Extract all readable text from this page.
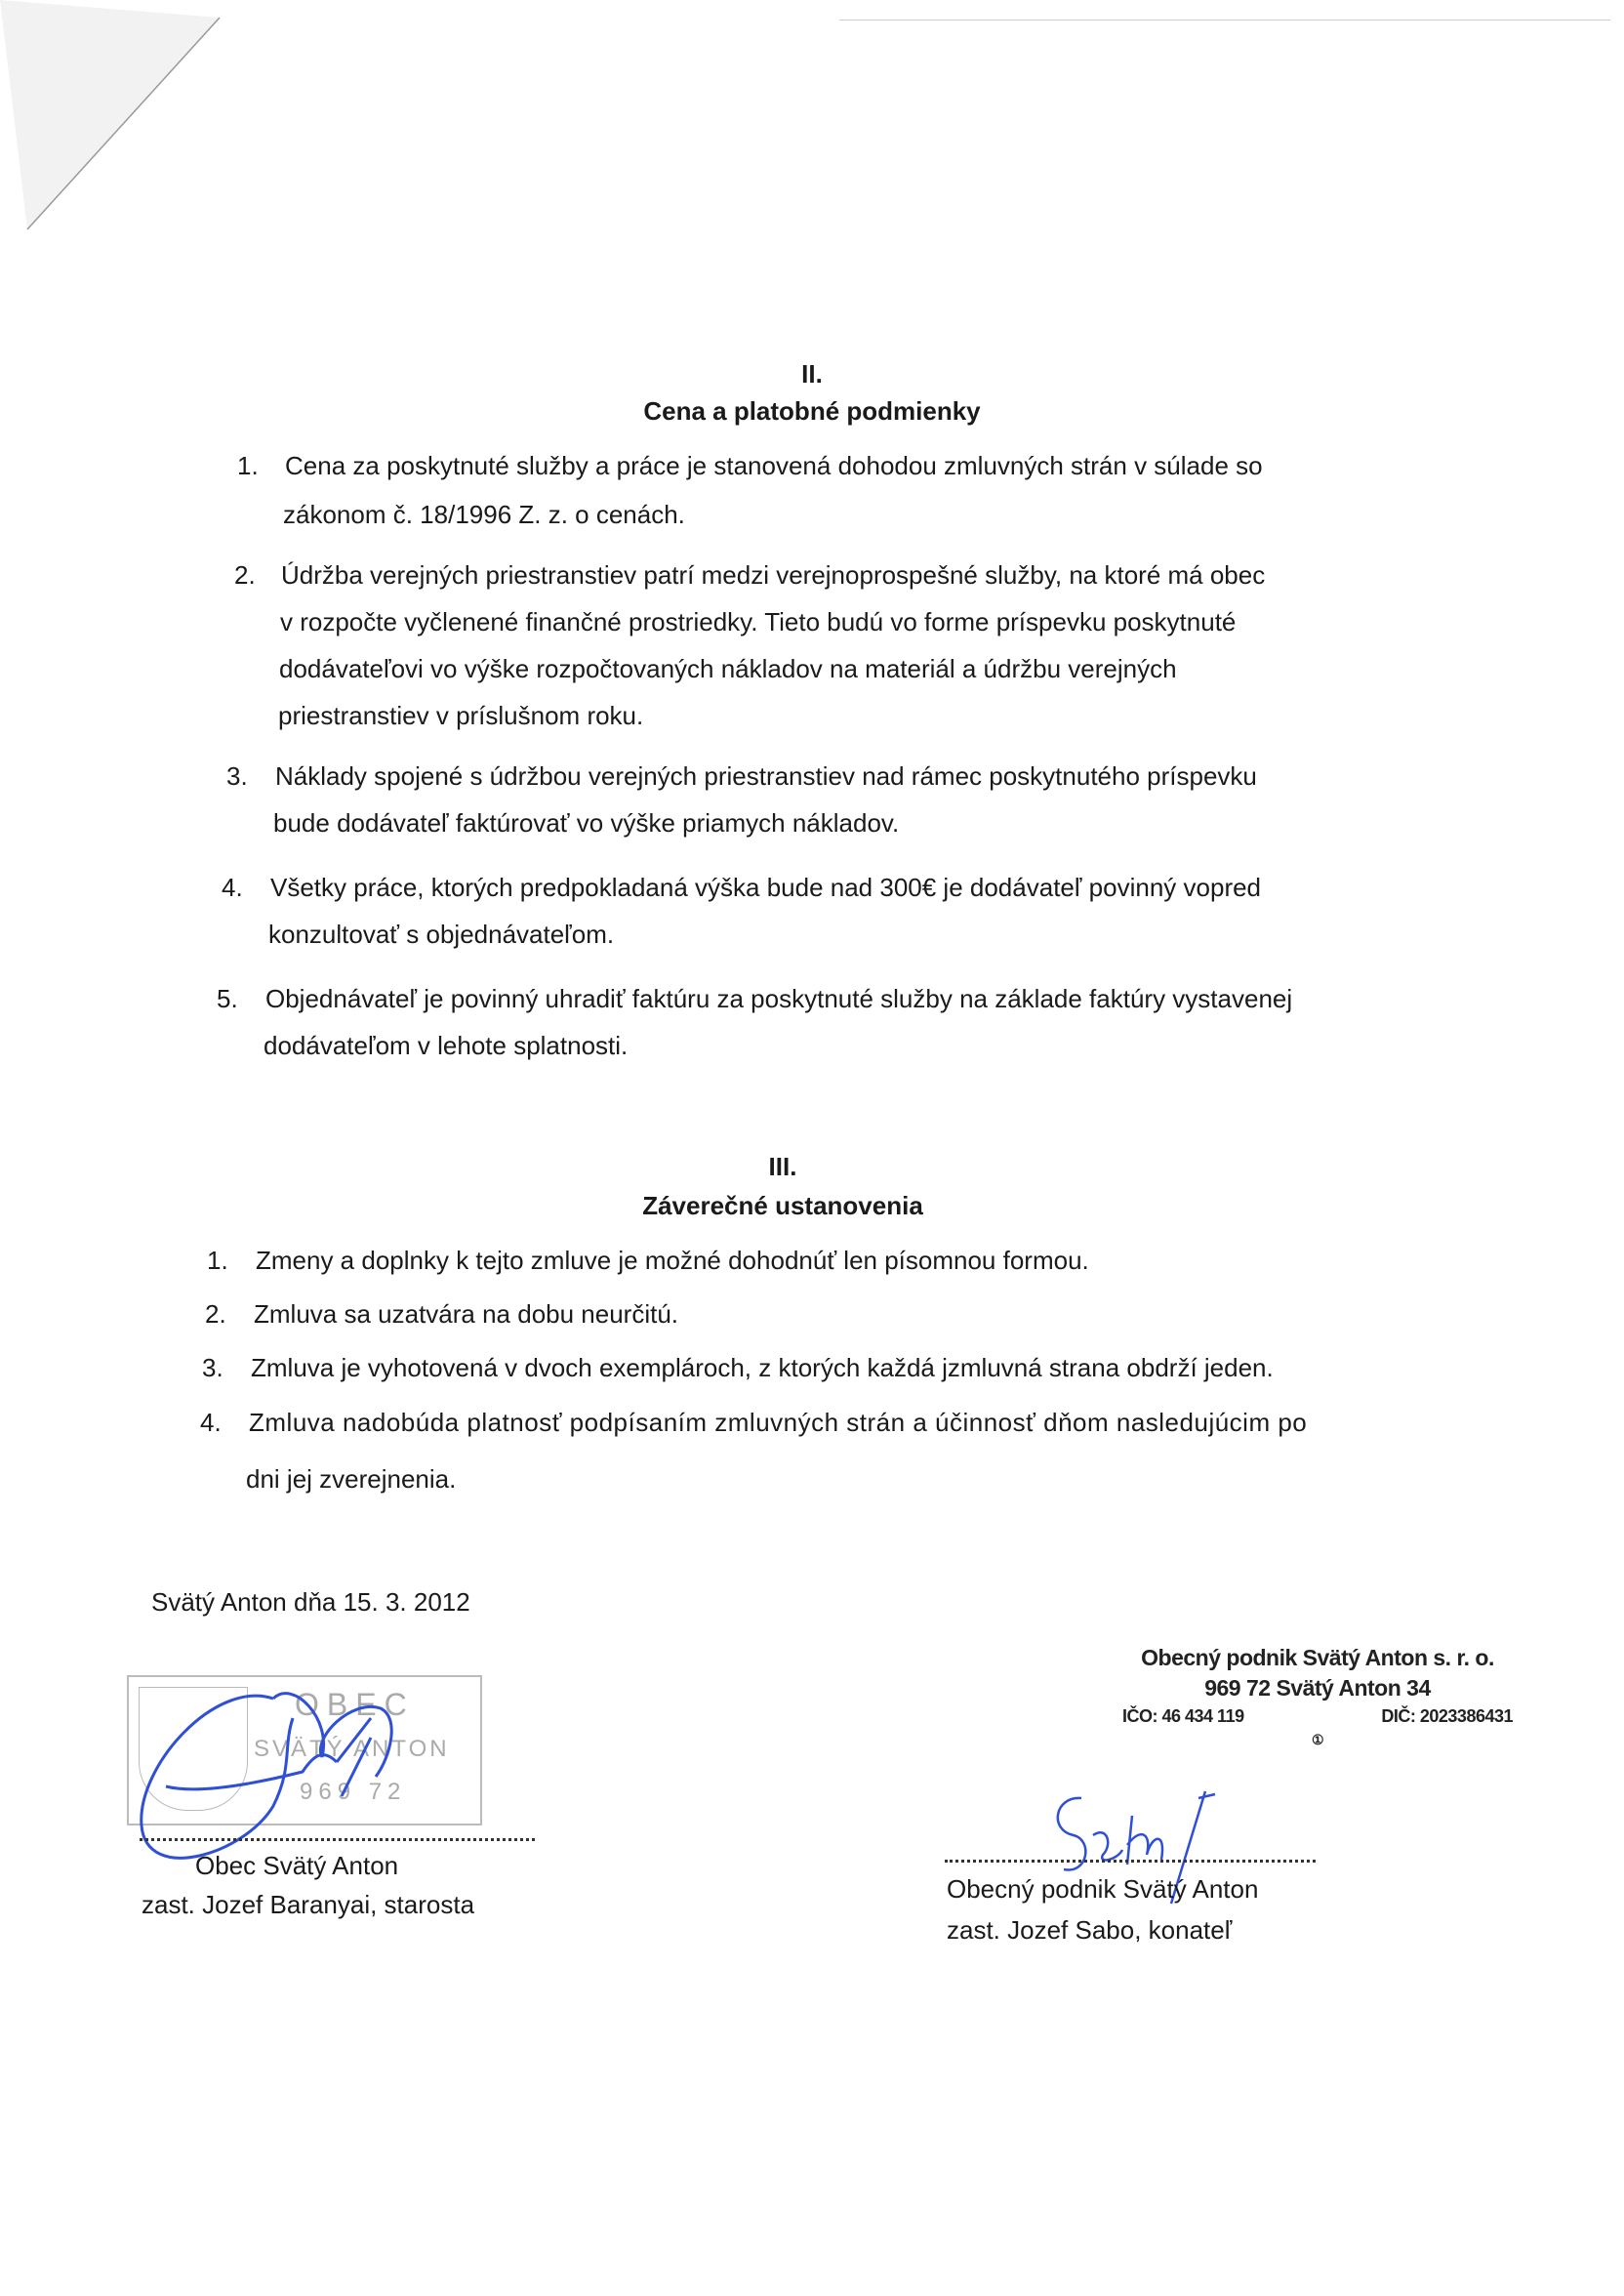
II.
Cena a platobné podmienky
1. Cena za poskytnuté služby a práce je stanovená dohodou zmluvných strán v súlade so
zákonom č. 18/1996 Z. z. o cenách.
2. Údržba verejných priestranstiev patrí medzi verejnoprospešné služby, na ktoré má obec
v rozpočte vyčlenené finančné prostriedky. Tieto budú vo forme príspevku poskytnuté
dodávateľovi vo výške rozpočtovaných nákladov na materiál a údržbu verejných
priestranstiev v príslušnom roku.
3. Náklady spojené s údržbou verejných priestranstiev nad rámec poskytnutého príspevku
bude dodávateľ faktúrovať vo výške priamych nákladov.
4. Všetky práce, ktorých predpokladaná výška bude nad 300€ je dodávateľ povinný vopred
konzultovať s objednávateľom.
5. Objednávateľ je povinný uhradiť faktúru za poskytnuté služby na základe faktúry vystavenej
dodávateľom v lehote splatnosti.
III.
Záverečné ustanovenia
1. Zmeny a doplnky k tejto zmluve je možné dohodnúť len písomnou formou.
2. Zmluva sa uzatvára na dobu neurčitú.
3. Zmluva je vyhotovená v dvoch exemplároch, z ktorých každá jzmluvná strana obdrží jeden.
4. Zmluva nadobúda platnosť podpísaním zmluvných strán a účinnosť dňom nasledujúcim po
dni jej zverejnenia.
Svätý Anton dňa 15. 3. 2012
OBEC
SVÄTÝ ANTON
969 72
Obec Svätý Anton
zast. Jozef Baranyai, starosta
Obecný podnik Svätý Anton s. r. o.
969 72 Svätý Anton 34
IČO: 46 434 119	DIČ: 2023386431
①
Obecný podnik Svätý Anton
zast. Jozef Sabo, konateľ
